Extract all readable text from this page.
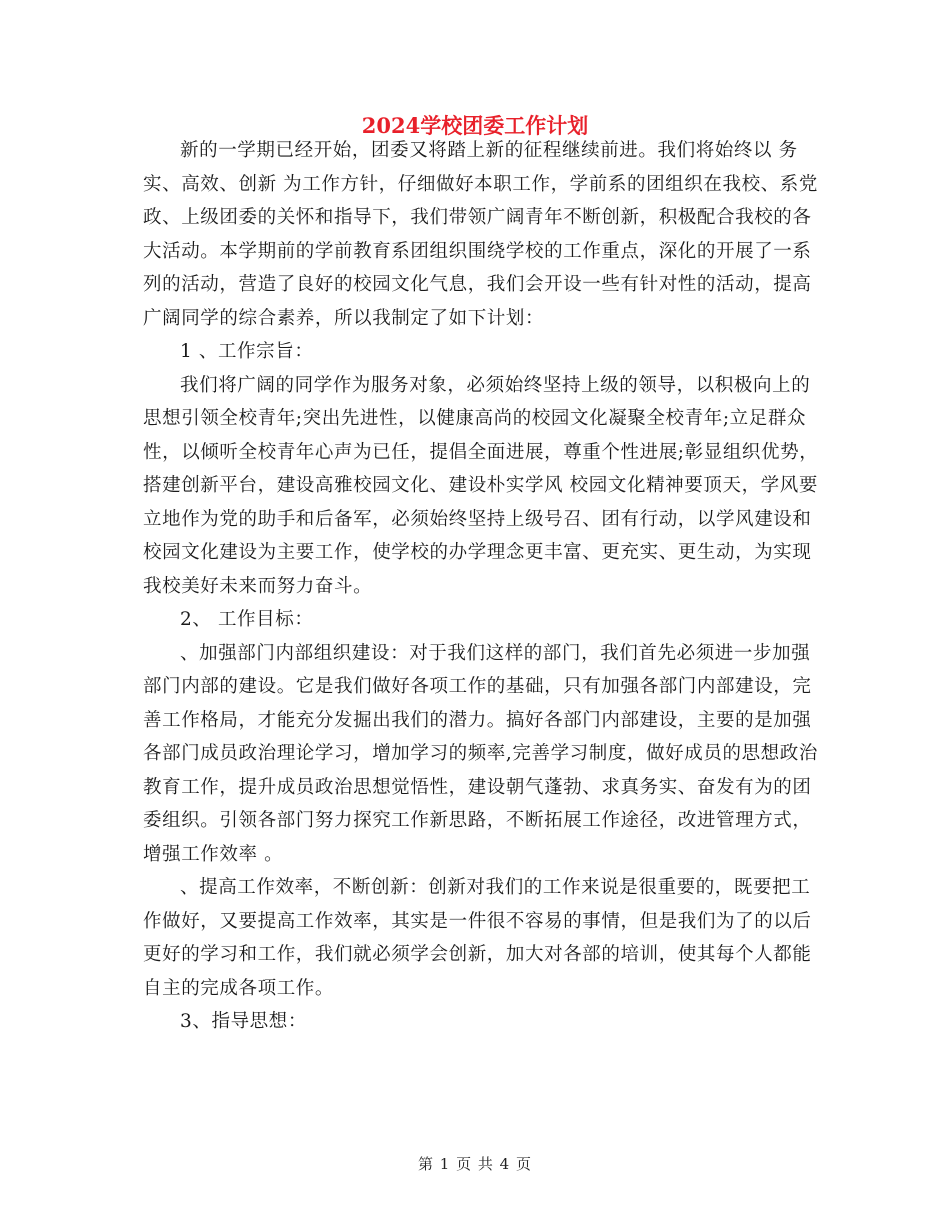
2024学校团委工作计划

新的一学期已经开始，团委又将踏上新的征程继续前进。我们将始终以 务实、高效、创新 为工作方针，仔细做好本职工作，学前系的团组织在我校、系党政、上级团委的关怀和指导下，我们带领广阔青年不断创新，积极配合我校的各大活动。本学期前的学前教育系团组织围绕学校的工作重点，深化的开展了一系列的活动，营造了良好的校园文化气息，我们会开设一些有针对性的活动，提高广阔同学的综合素养，所以我制定了如下计划：

1 、工作宗旨：

我们将广阔的同学作为服务对象，必须始终坚持上级的领导，以积极向上的思想引领全校青年;突出先进性，以健康高尚的校园文化凝聚全校青年;立足群众性，以倾听全校青年心声为已任，提倡全面进展，尊重个性进展;彰显组织优势，搭建创新平台，建设高雅校园文化、建设朴实学风 校园文化精神要顶天，学风要立地作为党的助手和后备军，必须始终坚持上级号召、团有行动，以学风建设和校园文化建设为主要工作，使学校的办学理念更丰富、更充实、更生动，为实现我校美好未来而努力奋斗。

2、 工作目标：

、加强部门内部组织建设：对于我们这样的部门，我们首先必须进一步加强部门内部的建设。它是我们做好各项工作的基础，只有加强各部门内部建设，完善工作格局，才能充分发掘出我们的潜力。搞好各部门内部建设，主要的是加强各部门成员政治理论学习，增加学习的频率,完善学习制度，做好成员的思想政治教育工作，提升成员政治思想觉悟性，建设朝气蓬勃、求真务实、奋发有为的团委组织。引领各部门努力探究工作新思路，不断拓展工作途径，改进管理方式，增强工作效率 。

、提高工作效率，不断创新：创新对我们的工作来说是很重要的，既要把工作做好，又要提高工作效率，其实是一件很不容易的事情，但是我们为了的以后更好的学习和工作，我们就必须学会创新，加大对各部的培训，使其每个人都能自主的完成各项工作。

3、指导思想：

第 1 页 共 4 页
